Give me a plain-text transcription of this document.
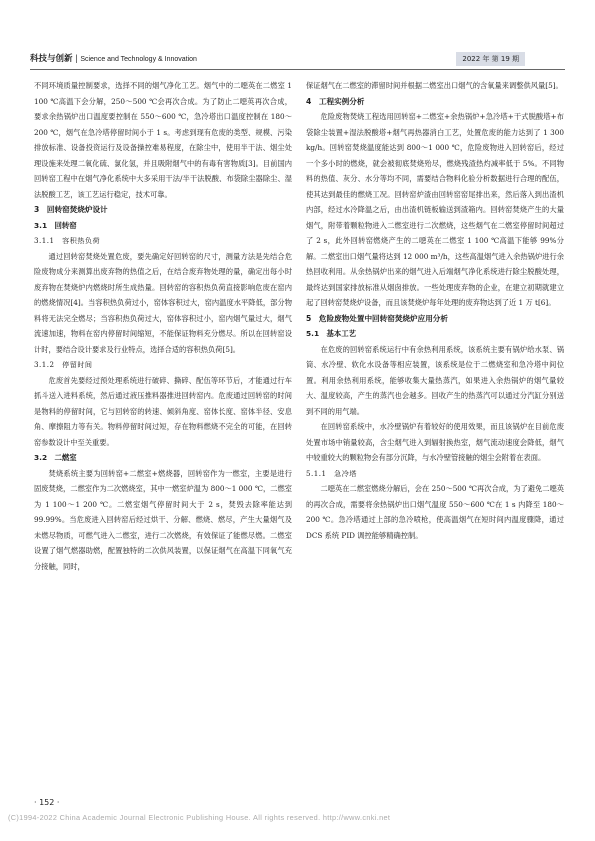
科技与创新 | Science and Technology & Innovation	2022 年 第 19 期

不同环境质量控制要求，选择不同的烟气净化工艺。烟气中的二噁英在二燃室 1 100 ℃高温下会分解，250～500 ℃会再次合成。为了防止二噁英再次合成，要求余热锅炉出口温度要控制在 550～600 ℃，急冷塔出口温度控制在 180～200 ℃，烟气在急冷塔停留时间小于 1 s。考虑到现有危废的类型、规模、污染排放标准、设备投资运行及设备操控难易程度，在除尘中，使用半干法、烟尘处理设施来处理二氧化硫、氯化氢，并且吸附烟气中的有毒有害物质[3]。目前国内回转窑工程中在烟气净化系统中大多采用干法/半干法脱酸、布袋除尘器除尘、湿法脱酸工艺，该工艺运行稳定，技术可靠。

3　回转窑焚烧炉设计
3.1　回转窑
3.1.1　容积热负荷

通过回转窑焚烧处置危废，要先确定好回转窑的尺寸，测量方法是先结合危险废物成分来测算出废弃物的热值之后，在结合废弃物处理的量，确定出每小时废弃物在焚烧炉内燃烧时所生成热量。回转窑的容积热负荷直接影响危废在窑内的燃烧情况[4]。当容积热负荷过小，窑体容积过大，窑内温度水平降低，部分物料将无法完全燃尽；当容积热负荷过大，窑体容积过小，窑内烟气量过大，烟气流速加速，物料在窑内停留时间缩短，不能保证物料充分燃尽。所以在回转窑设计时，要结合设计要求及行业特点，选择合适的容积热负荷[5]。

3.1.2　停留时间

危废首先要经过预处理系统进行破碎、撕碎、配伍等环节后，才能通过行车抓斗送入进料系统，然后通过液压推料器推进回转窑内。危废通过回转窑的时间是物料的停留时间，它与回转窑的转速、倾斜角度、窑体长度、窑体半径、安息角、摩擦阻力等有关。物料停留时间过短，存在物料燃烧不完全的可能，在回转窑参数设计中至关重要。

3.2　二燃室

焚烧系统主要为回转窑+二燃室+燃烧器，回转窑作为一燃室，主要是进行固废焚烧，二燃室作为二次燃烧室，其中一燃室炉温为 800～1 000 ℃，二燃室为 1 100～1 200 ℃。二燃室烟气停留时间大于 2 s，焚毁去除率能达到 99.99%。当危废进入回转窑后经过烘干、分解、燃烧、燃尽，产生大量烟气及未燃尽物质，可燃气进入二燃室，进行二次燃烧，有效保证了能燃尽燃。二燃室设置了烟气燃器助燃，配置独特的二次供风装置，以保证烟气在高温下同氧气充分接触，同时，

保证烟气在二燃室的滞留时间并根据二燃室出口烟气的含氧量来调整供风量[5]。

4　工程实例分析

危险废物焚烧工程选用回转窑+二燃室+余热锅炉+急冷塔+干式脱酸塔+布袋除尘装置+湿法脱酸塔+烟气再热器消白工艺，处置危废的能力达到了 1 300 kg/h。回转窑焚烧温度能达到 800～1 000 ℃，危险废物进入回转窑后，经过一个多小时的燃烧，就会被彻底焚烧殆尽，燃烧残渣热灼减率低于 5%。不同物料的热值、灰分、水分等均不同，需要结合物料化验分析数据进行合理的配伍，使其达到最佳的燃烧工况。回转窑炉渣由回转窑窑尾排出来，然后落入到出渣机内部，经过水冷降温之后，由出渣机链板输送到渣箱内。回转窑焚烧产生的大量烟气，附带着颗粒物进入二燃室进行二次燃烧，这些烟气在二燃室停留时间超过了 2 s，此外回转窑燃烧产生的二噁英在二燃室 1 100 ℃高温下能够 99%分解。二燃室出口烟气量将达到 12 000 m³/h，这些高温烟气进入余热锅炉进行余热回收利用。从余热锅炉出来的烟气进入后端烟气净化系统进行除尘脱酸处理，最终达到国家排放标准从烟囱排放。一些处理废弃物的企业，在建立初期就建立起了回转窑焚烧炉设备，而且该焚烧炉每年处理的废弃物达到了近 1 万 t[6]。

5　危险废物处置中回转窑焚烧炉应用分析
5.1　基本工艺

在危废的回转窑系统运行中有余热利用系统，该系统主要有锅炉给水泵、锅筒、水冷壁、软化水设备等相应装置，该系统是位于二燃烧室和急冷塔中间位置。利用余热利用系统，能够收集大量热蒸汽，如果进入余热锅炉的烟气量较大、温度较高，产生的蒸汽也会越多。回收产生的热蒸汽可以通过分汽缸分别送到不同的用气端。

在回转窑系统中，水冷壁锅炉有着较好的使用效果，而且该锅炉在目前危废处置市场中销量较高，含尘烟气进入到辐射换热室，烟气流动速度会降低，烟气中较重较大的颗粒物会有部分沉降，与水冷壁管接触的烟尘会附着在表面。

5.1.1　急冷塔

二噁英在二燃室燃烧分解后，会在 250～500 ℃再次合成，为了避免二噁英的再次合成，需要将余热锅炉出口烟气温度 550～600 ℃在 1 s 内降至 180～200 ℃。急冷塔通过上部的急冷喷枪，使高温烟气在短时间内温度骤降，通过 DCS 系统 PID 调控能够精确控制。

· 152 ·
(C)1994-2022 China Academic Journal Electronic Publishing House. All rights reserved. http://www.cnki.net
